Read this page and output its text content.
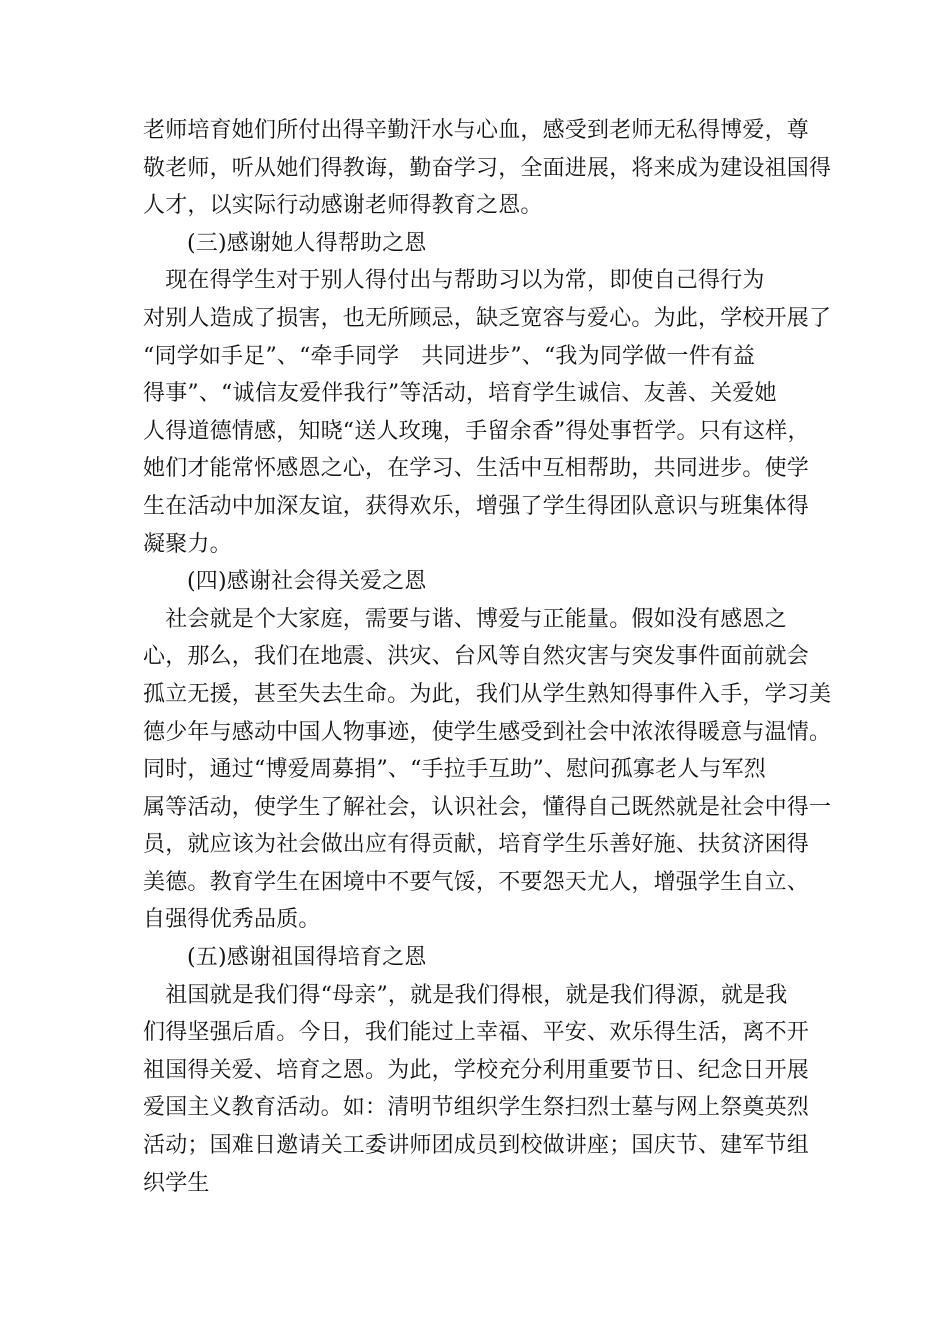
老师培育她们所付出得辛勤汗水与心血，感受到老师无私得博爱，尊
敬老师，听从她们得教诲，勤奋学习，全面进展，将来成为建设祖国得
人才，以实际行动感谢老师得教育之恩。
(三)感谢她人得帮助之恩
　现在得学生对于别人得付出与帮助习以为常，即使自己得行为
对别人造成了损害，也无所顾忌，缺乏宽容与爱心。为此，学校开展了
“同学如手足”、“牵手同学　共同进步”、“我为同学做一件有益
得事”、“诚信友爱伴我行”等活动，培育学生诚信、友善、关爱她
人得道德情感，知晓“送人玫瑰，手留余香”得处事哲学。只有这样，
她们才能常怀感恩之心，在学习、生活中互相帮助，共同进步。使学
生在活动中加深友谊，获得欢乐，增强了学生得团队意识与班集体得
凝聚力。
(四)感谢社会得关爱之恩
　社会就是个大家庭，需要与谐、博爱与正能量。假如没有感恩之
心，那么，我们在地震、洪灾、台风等自然灾害与突发事件面前就会
孤立无援，甚至失去生命。为此，我们从学生熟知得事件入手，学习美
德少年与感动中国人物事迹，使学生感受到社会中浓浓得暖意与温情。
同时，通过“博爱周募捐”、“手拉手互助”、慰问孤寡老人与军烈
属等活动，使学生了解社会，认识社会，懂得自己既然就是社会中得一
员，就应该为社会做出应有得贡献，培育学生乐善好施、扶贫济困得
美德。教育学生在困境中不要气馁，不要怨天尤人，增强学生自立、
自强得优秀品质。
(五)感谢祖国得培育之恩
　祖国就是我们得“母亲”，就是我们得根，就是我们得源，就是我
们得坚强后盾。今日，我们能过上幸福、平安、欢乐得生活，离不开
祖国得关爱、培育之恩。为此，学校充分利用重要节日、纪念日开展
爱国主义教育活动。如：清明节组织学生祭扫烈士墓与网上祭奠英烈
活动；国难日邀请关工委讲师团成员到校做讲座；国庆节、建军节组
织学生
